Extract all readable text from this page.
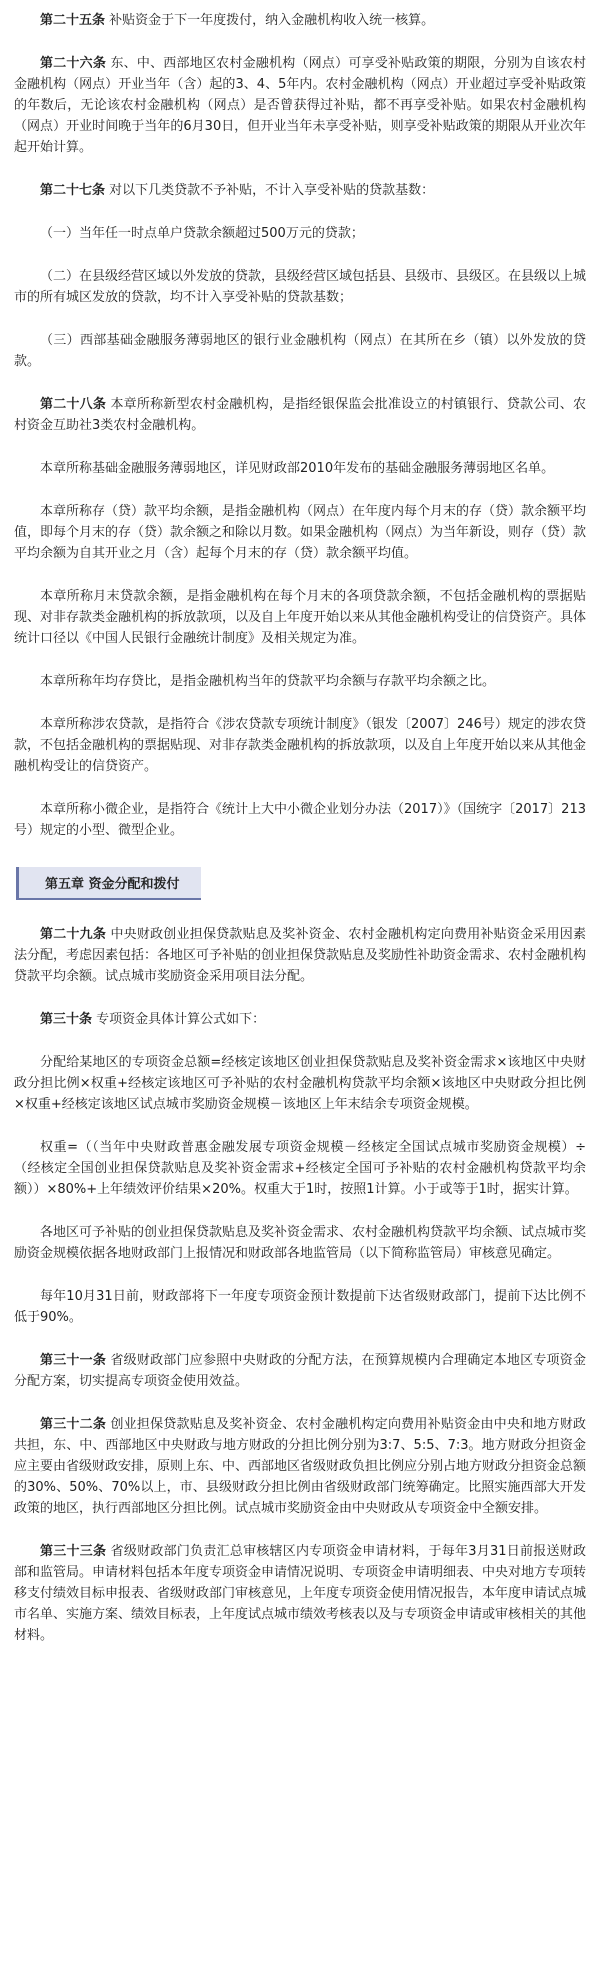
第二十五条 补贴资金于下一年度拨付，纳入金融机构收入统一核算。

第二十六条 东、中、西部地区农村金融机构（网点）可享受补贴政策的期限，分别为自该农村金融机构（网点）开业当年（含）起的3、4、5年内。农村金融机构（网点）开业超过享受补贴政策的年数后，无论该农村金融机构（网点）是否曾获得过补贴，都不再享受补贴。如果农村金融机构（网点）开业时间晚于当年的6月30日，但开业当年未享受补贴，则享受补贴政策的期限从开业次年起开始计算。

第二十七条 对以下几类贷款不予补贴，不计入享受补贴的贷款基数：

（一）当年任一时点单户贷款余额超过500万元的贷款；

（二）在县级经营区域以外发放的贷款，县级经营区域包括县、县级市、县级区。在县级以上城市的所有城区发放的贷款，均不计入享受补贴的贷款基数；

（三）西部基础金融服务薄弱地区的银行业金融机构（网点）在其所在乡（镇）以外发放的贷款。

第二十八条 本章所称新型农村金融机构，是指经银保监会批准设立的村镇银行、贷款公司、农村资金互助社3类农村金融机构。

本章所称基础金融服务薄弱地区，详见财政部2010年发布的基础金融服务薄弱地区名单。

本章所称存（贷）款平均余额，是指金融机构（网点）在年度内每个月末的存（贷）款余额平均值，即每个月末的存（贷）款余额之和除以月数。如果金融机构（网点）为当年新设，则存（贷）款平均余额为自其开业之月（含）起每个月末的存（贷）款余额平均值。

本章所称月末贷款余额，是指金融机构在每个月末的各项贷款余额，不包括金融机构的票据贴现、对非存款类金融机构的拆放款项，以及自上年度开始以来从其他金融机构受让的信贷资产。具体统计口径以《中国人民银行金融统计制度》及相关规定为准。

本章所称年均存贷比，是指金融机构当年的贷款平均余额与存款平均余额之比。

本章所称涉农贷款，是指符合《涉农贷款专项统计制度》（银发〔2007〕246号）规定的涉农贷款，不包括金融机构的票据贴现、对非存款类金融机构的拆放款项，以及自上年度开始以来从其他金融机构受让的信贷资产。

本章所称小微企业，是指符合《统计上大中小微企业划分办法（2017）》（国统字〔2017〕213号）规定的小型、微型企业。

第五章 资金分配和拨付

第二十九条 中央财政创业担保贷款贴息及奖补资金、农村金融机构定向费用补贴资金采用因素法分配，考虑因素包括：各地区可予补贴的创业担保贷款贴息及奖励性补助资金需求、农村金融机构贷款平均余额。试点城市奖励资金采用项目法分配。

第三十条 专项资金具体计算公式如下：

分配给某地区的专项资金总额=经核定该地区创业担保贷款贴息及奖补资金需求×该地区中央财政分担比例×权重+经核定该地区可予补贴的农村金融机构贷款平均余额×该地区中央财政分担比例×权重+经核定该地区试点城市奖励资金规模－该地区上年末结余专项资金规模。

权重=（（当年中央财政普惠金融发展专项资金规模－经核定全国试点城市奖励资金规模）÷（经核定全国创业担保贷款贴息及奖补资金需求+经核定全国可予补贴的农村金融机构贷款平均余额））×80%+上年绩效评价结果×20%。权重大于1时，按照1计算。小于或等于1时，据实计算。

各地区可予补贴的创业担保贷款贴息及奖补资金需求、农村金融机构贷款平均余额、试点城市奖励资金规模依据各地财政部门上报情况和财政部各地监管局（以下简称监管局）审核意见确定。

每年10月31日前，财政部将下一年度专项资金预计数提前下达省级财政部门，提前下达比例不低于90%。

第三十一条 省级财政部门应参照中央财政的分配方法，在预算规模内合理确定本地区专项资金分配方案，切实提高专项资金使用效益。

第三十二条 创业担保贷款贴息及奖补资金、农村金融机构定向费用补贴资金由中央和地方财政共担，东、中、西部地区中央财政与地方财政的分担比例分别为3:7、5:5、7:3。地方财政分担资金应主要由省级财政安排，原则上东、中、西部地区省级财政负担比例应分别占地方财政分担资金总额的30%、50%、70%以上，市、县级财政分担比例由省级财政部门统筹确定。比照实施西部大开发政策的地区，执行西部地区分担比例。试点城市奖励资金由中央财政从专项资金中全额安排。

第三十三条 省级财政部门负责汇总审核辖区内专项资金申请材料，于每年3月31日前报送财政部和监管局。申请材料包括本年度专项资金申请情况说明、专项资金申请明细表、中央对地方专项转移支付绩效目标申报表、省级财政部门审核意见，上年度专项资金使用情况报告，本年度申请试点城市名单、实施方案、绩效目标表，上年度试点城市绩效考核表以及与专项资金申请或审核相关的其他材料。
